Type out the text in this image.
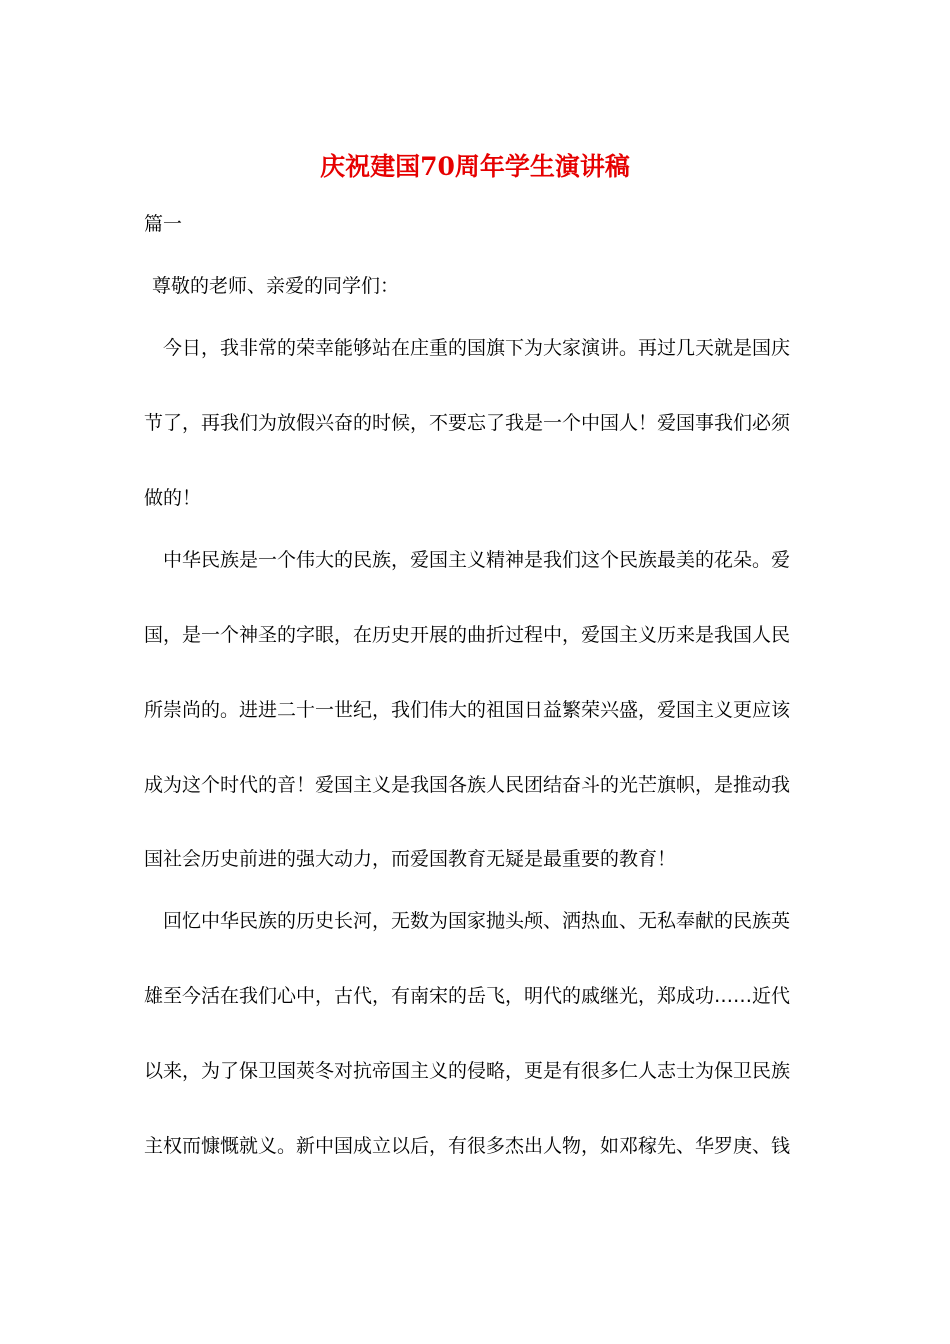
庆祝建国70周年学生演讲稿

篇一

尊敬的老师、亲爱的同学们：

今日，我非常的荣幸能够站在庄重的国旗下为大家演讲。再过几天就是国庆

节了，再我们为放假兴奋的时候，不要忘了我是一个中国人！爱国事我们必须

做的！

中华民族是一个伟大的民族，爱国主义精神是我们这个民族最美的花朵。爱

国，是一个神圣的字眼，在历史开展的曲折过程中，爱国主义历来是我国人民

所崇尚的。进进二十一世纪，我们伟大的祖国日益繁荣兴盛，爱国主义更应该

成为这个时代的音！爱国主义是我国各族人民团结奋斗的光芒旗帜，是推动我

国社会历史前进的强大动力，而爱国教育无疑是最重要的教育！

回忆中华民族的历史长河，无数为国家抛头颅、洒热血、无私奉献的民族英

雄至今活在我们心中，古代，有南宋的岳飞，明代的戚继光，郑成功……近代

以来，为了保卫国莢冬对抗帝国主义的侵略，更是有很多仁人志士为保卫民族

主权而慷慨就义。新中国成立以后，有很多杰出人物，如邓稼先、华罗庚、钱
